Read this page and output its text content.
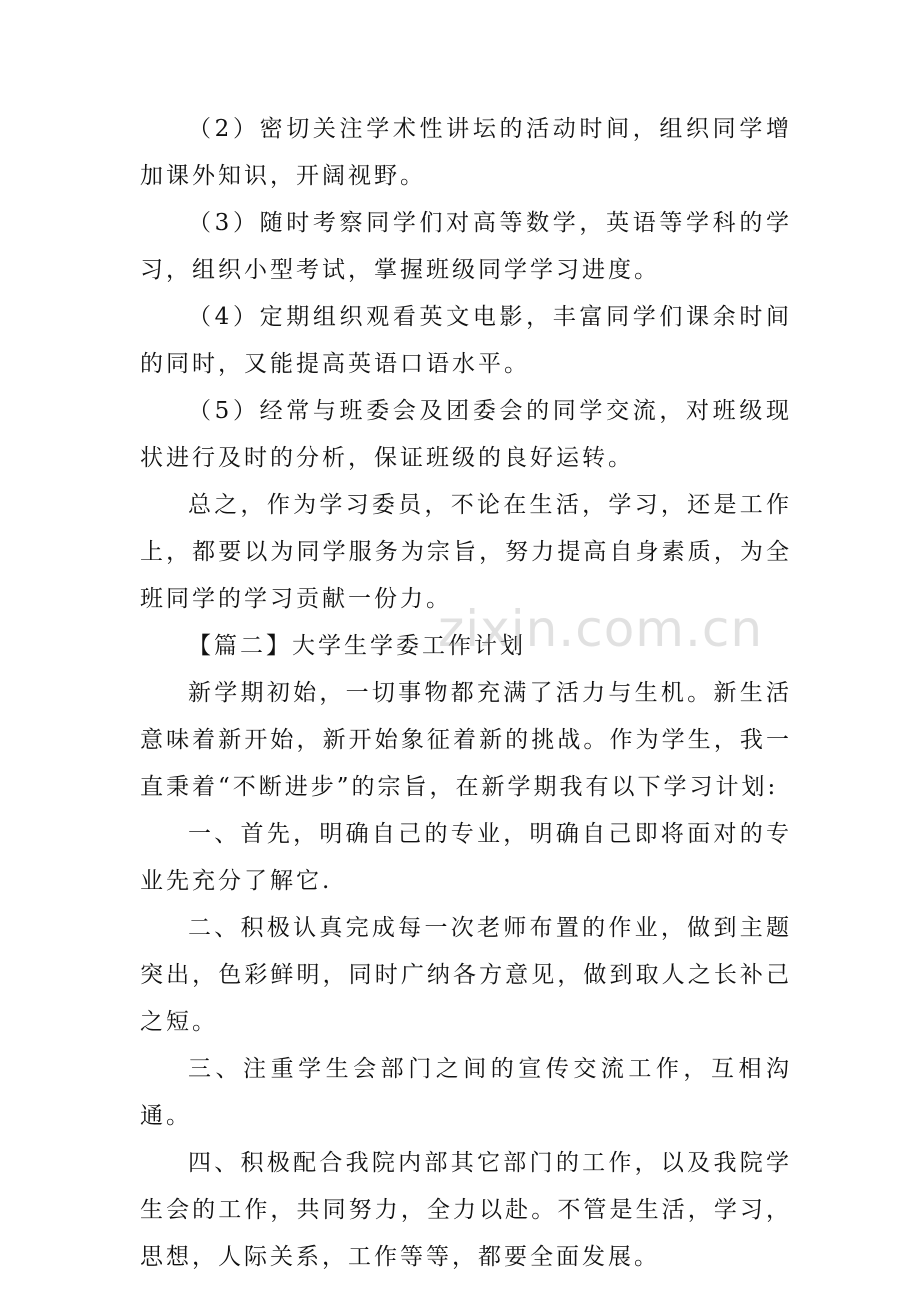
（2）密切关注学术性讲坛的活动时间，组织同学增加课外知识，开阔视野。

（3）随时考察同学们对高等数学，英语等学科的学习，组织小型考试，掌握班级同学学习进度。

（4）定期组织观看英文电影，丰富同学们课余时间的同时，又能提高英语口语水平。

（5）经常与班委会及团委会的同学交流，对班级现状进行及时的分析，保证班级的良好运转。

总之，作为学习委员，不论在生活，学习，还是工作上，都要以为同学服务为宗旨，努力提高自身素质，为全班同学的学习贡献一份力。

【篇二】大学生学委工作计划

新学期初始，一切事物都充满了活力与生机。新生活意味着新开始，新开始象征着新的挑战。作为学生，我一直秉着“不断进步”的宗旨，在新学期我有以下学习计划:

一、首先，明确自己的专业，明确自己即将面对的专业先充分了解它.

二、积极认真完成每一次老师布置的作业，做到主题突出，色彩鲜明，同时广纳各方意见，做到取人之长补己之短。

三、注重学生会部门之间的宣传交流工作，互相沟通。

四、积极配合我院内部其它部门的工作，以及我院学生会的工作，共同努力，全力以赴。不管是生活，学习，思想，人际关系，工作等等，都要全面发展。

zixin.com.cn
